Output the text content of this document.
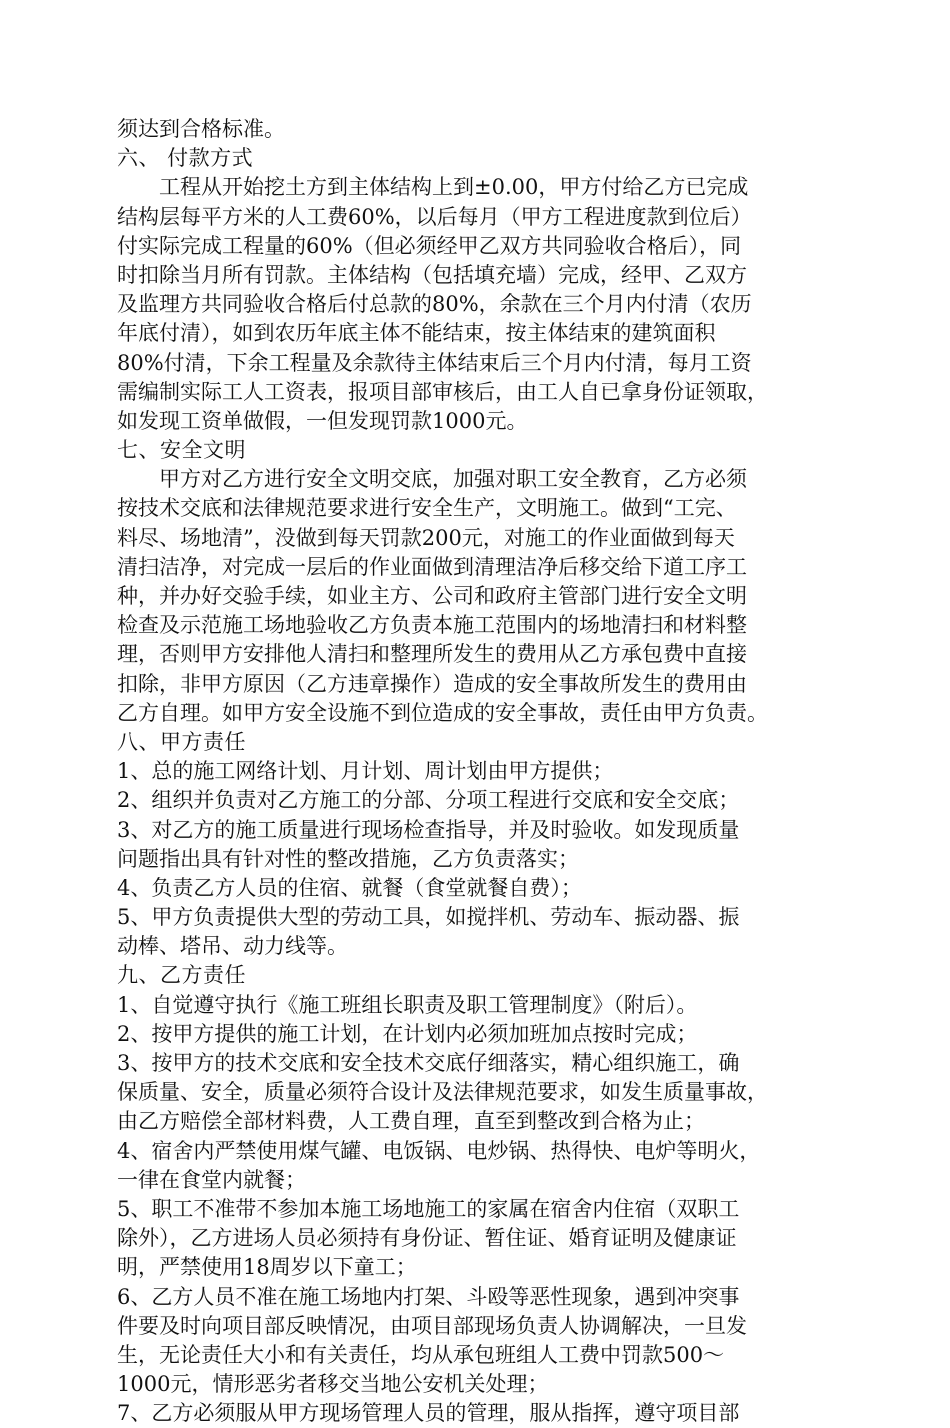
须达到合格标准。
六、 付款方式
工程从开始挖土方到主体结构上到±0.00，甲方付给乙方已完成
结构层每平方米的人工费60%，以后每月（甲方工程进度款到位后）
付实际完成工程量的60%（但必须经甲乙双方共同验收合格后），同
时扣除当月所有罚款。主体结构（包括填充墙）完成，经甲、乙双方
及监理方共同验收合格后付总款的80%，余款在三个月内付清（农历
年底付清），如到农历年底主体不能结束，按主体结束的建筑面积
80%付清，下余工程量及余款待主体结束后三个月内付清，每月工资
需编制实际工人工资表，报项目部审核后，由工人自已拿身份证领取，
如发现工资单做假，一但发现罚款1000元。
七、安全文明
甲方对乙方进行安全文明交底，加强对职工安全教育，乙方必须
按技术交底和法律规范要求进行安全生产，文明施工。做到“工完、
料尽、场地清”，没做到每天罚款200元，对施工的作业面做到每天
清扫洁净，对完成一层后的作业面做到清理洁净后移交给下道工序工
种，并办好交验手续，如业主方、公司和政府主管部门进行安全文明
检查及示范施工场地验收乙方负责本施工范围内的场地清扫和材料整
理，否则甲方安排他人清扫和整理所发生的费用从乙方承包费中直接
扣除，非甲方原因（乙方违章操作）造成的安全事故所发生的费用由
乙方自理。如甲方安全设施不到位造成的安全事故，责任由甲方负责。
八、甲方责任
1、总的施工网络计划、月计划、周计划由甲方提供；
2、组织并负责对乙方施工的分部、分项工程进行交底和安全交底；
3、对乙方的施工质量进行现场检查指导，并及时验收。如发现质量
问题指出具有针对性的整改措施，乙方负责落实；
4、负责乙方人员的住宿、就餐（食堂就餐自费）；
5、甲方负责提供大型的劳动工具，如搅拌机、劳动车、振动器、振
动棒、塔吊、动力线等。
九、乙方责任
1、自觉遵守执行《施工班组长职责及职工管理制度》（附后）。
2、按甲方提供的施工计划，在计划内必须加班加点按时完成；
3、按甲方的技术交底和安全技术交底仔细落实，精心组织施工，确
保质量、安全，质量必须符合设计及法律规范要求，如发生质量事故，
由乙方赔偿全部材料费，人工费自理，直至到整改到合格为止；
4、宿舍内严禁使用煤气罐、电饭锅、电炒锅、热得快、电炉等明火，
一律在食堂内就餐；
5、职工不准带不参加本施工场地施工的家属在宿舍内住宿（双职工
除外），乙方进场人员必须持有身份证、暂住证、婚育证明及健康证
明，严禁使用18周岁以下童工；
6、乙方人员不准在施工场地内打架、斗殴等恶性现象，遇到冲突事
件要及时向项目部反映情况，由项目部现场负责人协调解决，一旦发
生，无论责任大小和有关责任，均从承包班组人工费中罚款500～
1000元，情形恶劣者移交当地公安机关处理；
7、乙方必须服从甲方现场管理人员的管理，服从指挥，遵守项目部
